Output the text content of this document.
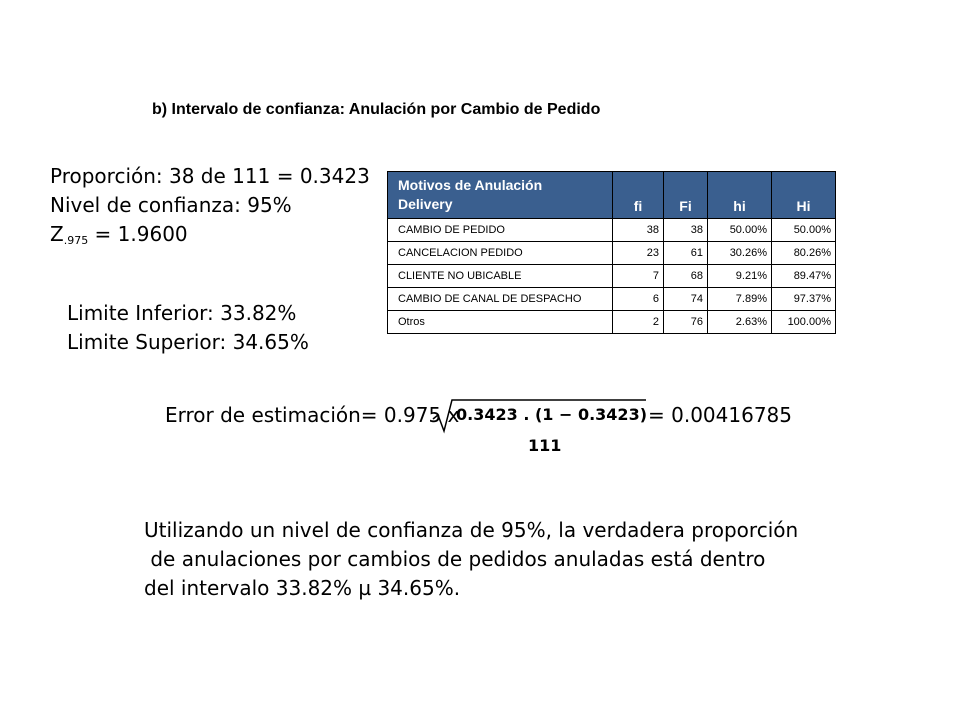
b) Intervalo de confianza: Anulación por Cambio de Pedido
Proporción: 38 de 111 = 0.3423
Nivel de confianza: 95%
$Z_{.975} = 1.9600$
Motivos de Anulación
Delivery	fi	Fi	hi	Hi
CAMBIO DE PEDIDO	38	38	50.00%	50.00%
CANCELACION PEDIDO	23	61	30.26%	80.26%
CLIENTE NO UBICABLE	7	68	9.21%	89.47%
CAMBIO DE CANAL DE DESPACHO	6	74	7.89%	97.37%
Otros	2	76	2.63%	100.00%
Limite Inferior: 33.82%
Limite Superior: 34.65%
Error de estimación= 0.975 x
0.3423 . (1 − 0.3423)
111
= 0.00416785
Utilizando un nivel de confianza de 95%, la verdadera proporción
de anulaciones por cambios de pedidos anuladas está dentro
del intervalo 33.82% µ 34.65%.
